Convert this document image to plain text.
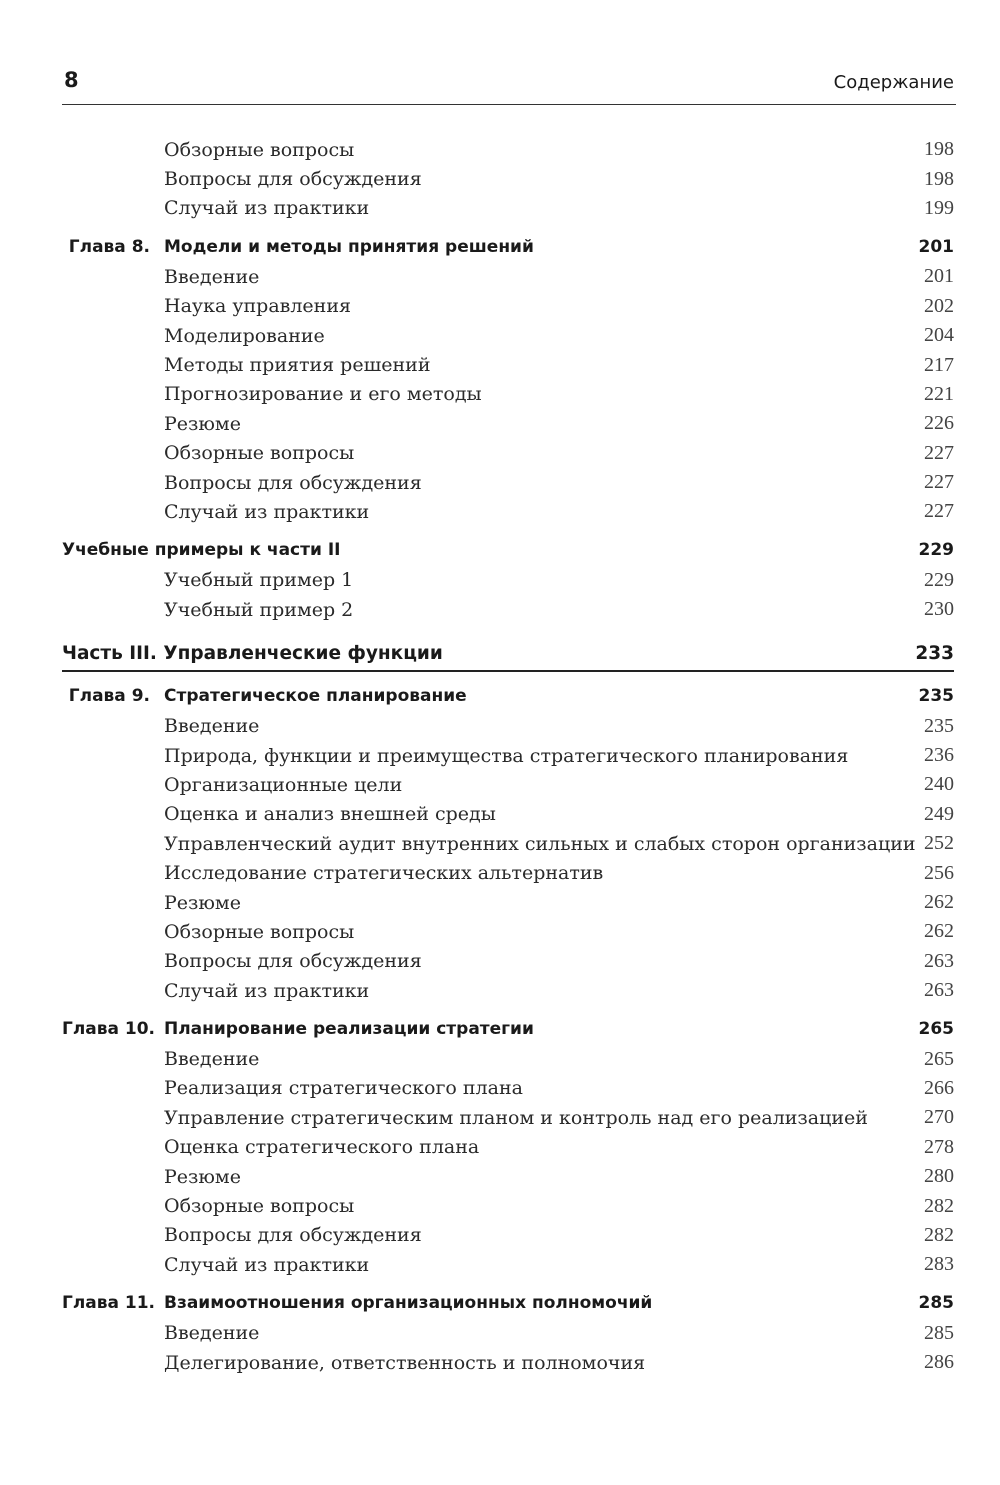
8	Содержание
Обзорные вопросы	198
Вопросы для обсуждения	198
Случай из практики	199
Глава 8. Модели и методы принятия решений	201
Введение	201
Наука управления	202
Моделирование	204
Методы приятия решений	217
Прогнозирование и его методы	221
Резюме	226
Обзорные вопросы	227
Вопросы для обсуждения	227
Случай из практики	227
Учебные примеры к части II	229
Учебный пример 1	229
Учебный пример 2	230
Часть III. Управленческие функции	233
Глава 9. Стратегическое планирование	235
Введение	235
Природа, функции и преимущества стратегического планирования	236
Организационные цели	240
Оценка и анализ внешней среды	249
Управленческий аудит внутренних сильных и слабых сторон организации 252
Исследование стратегических альтернатив	256
Резюме	262
Обзорные вопросы	262
Вопросы для обсуждения	263
Случай из практики	263
Глава 10. Планирование реализации стратегии	265
Введение	265
Реализация стратегического плана	266
Управление стратегическим планом и контроль над его реализацией	270
Оценка стратегического плана	278
Резюме	280
Обзорные вопросы	282
Вопросы для обсуждения	282
Случай из практики	283
Глава 11. Взаимоотношения организационных полномочий	285
Введение	285
Делегирование, ответственность и полномочия	286
